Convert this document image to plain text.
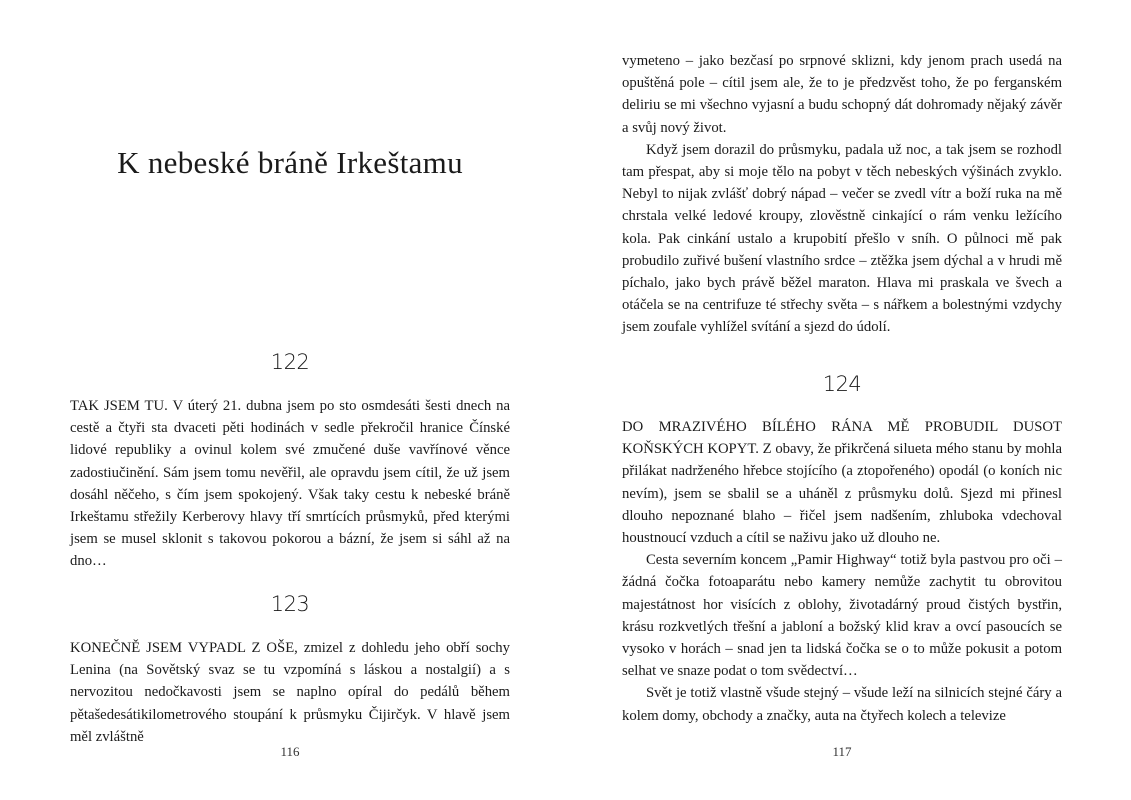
K nebeské bráně Irkeštamu
122

TAK JSEM TU. V úterý 21. dubna jsem po sto osmdesáti šesti dnech na cestě a čtyři sta dvaceti pěti hodinách v sedle překročil hranice Čínské lidové republiky a ovinul kolem své zmučené duše vavřínové věnce zadostiučinění. Sám jsem tomu nevěřil, ale opravdu jsem cítil, že už jsem dosáhl něčeho, s čím jsem spokojený. Však taky cestu k nebeské bráně Irkeštamu střežily Kerberovy hlavy tří smrtících průsmyků, před kterými jsem se musel sklonit s takovou pokorou a bázní, že jsem si sáhl až na dno…

123

KONEČNĚ JSEM VYPADL Z OŠE, zmizel z dohledu jeho obří sochy Lenina (na Sovětský svaz se tu vzpomíná s láskou a nostalgií) a s nervozitou nedočkavosti jsem se naplno opíral do pedálů během pětašedesátikilometrového stoupání k průsmyku Čijirčyk. V hlavě jsem měl zvláštně

116

vymeteno – jako bezčasí po srpnové sklizni, kdy jenom prach usedá na opuštěná pole – cítil jsem ale, že to je předzvěst toho, že po ferganském deliriu se mi všechno vyjasní a budu schopný dát dohromady nějaký závěr a svůj nový život.

Když jsem dorazil do průsmyku, padala už noc, a tak jsem se rozhodl tam přespat, aby si moje tělo na pobyt v těch nebeských výšinách zvyklo. Nebyl to nijak zvlášť dobrý nápad – večer se zvedl vítr a boží ruka na mě chrstala velké ledové kroupy, zlověstně cinkající o rám venku ležícího kola. Pak cinkání ustalo a krupobití přešlo v sníh. O půlnoci mě pak probudilo zuřivé bušení vlastního srdce – ztěžka jsem dýchal a v hrudi mě píchalo, jako bych právě běžel maraton. Hlava mi praskala ve švech a otáčela se na centrifuze té střechy světa – s nářkem a bolestnými vzdychy jsem zoufale vyhlížel svítání a sjezd do údolí.

124

DO MRAZIVÉHO BÍLÉHO RÁNA MĚ PROBUDIL DUSOT KOŇSKÝCH KOPYT. Z obavy, že přikrčená silueta mého stanu by mohla přilákat nadrženého hřebce stojícího (a ztopořeného) opodál (o koních nic nevím), jsem se sbalil se a uháněl z průsmyku dolů. Sjezd mi přinesl dlouho nepoznané blaho – řičel jsem nadšením, zhluboka vdechoval houstnoucí vzduch a cítil se naživu jako už dlouho ne.

Cesta severním koncem „Pamir Highway“ totiž byla pastvou pro oči – žádná čočka fotoaparátu nebo kamery nemůže zachytit tu obrovitou majestátnost hor visících z oblohy, životadárný proud čistých bystřin, krásu rozkvetlých třešní a jabloní a božský klid krav a ovcí pasoucích se vysoko v horách – snad jen ta lidská čočka se o to může pokusit a potom selhat ve snaze podat o tom svědectví…

Svět je totiž vlastně všude stejný – všude leží na silnicích stejné čáry a kolem domy, obchody a značky, auta na čtyřech kolech a televize

117
